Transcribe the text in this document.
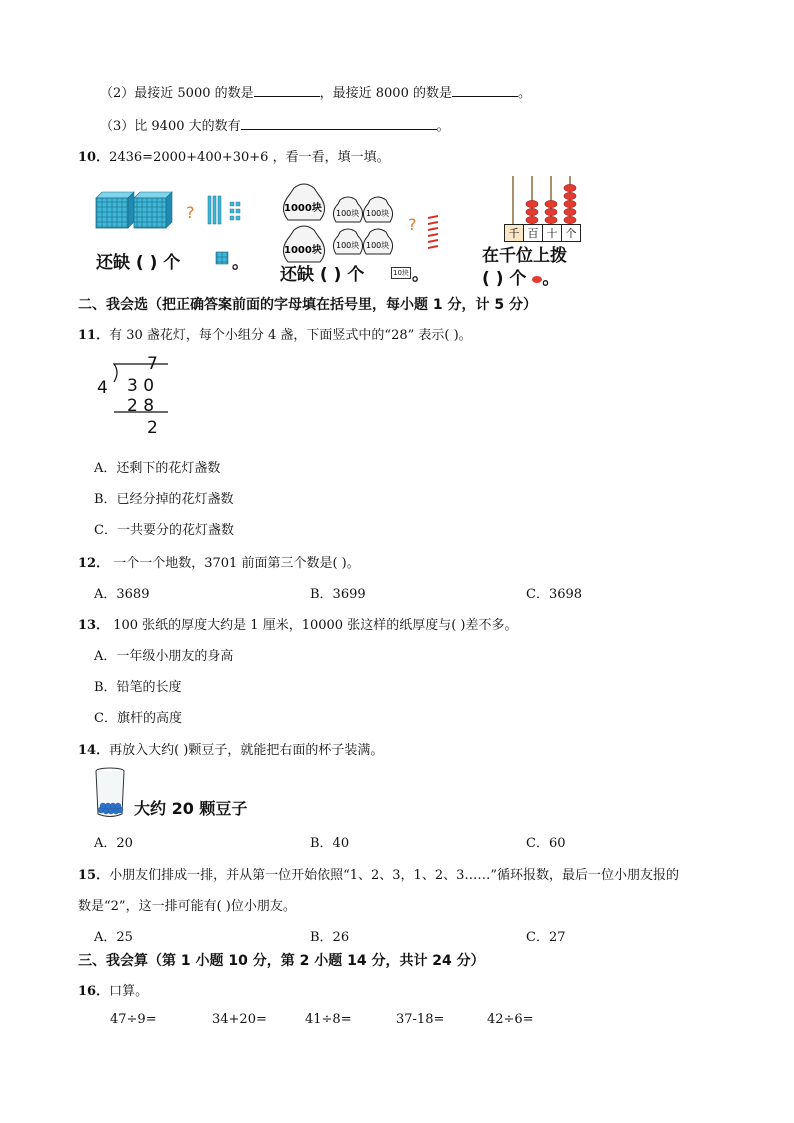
（2）最接近 5000 的数是	，最接近 8000 的数是	。
（3）比 9400 大的数有	。
10．2436=2000+400+30+6 ，看一看，填一填。
?
还缺 ( ) 个	。
1000块
1000块
100块 100块
100块 100块
?
还缺 ( ) 个	10块 。
千 百 十 个
在千位上拨
( ) 个 。
二、我会选（把正确答案前面的字母填在括号里，每小题 1 分，计 5 分）
11．有 30 盏花灯，每个小组分 4 盏，下面竖式中的“28” 表示( )。
7
4 3 0
2 8
2
A．还剩下的花灯盏数
B．已经分掉的花灯盏数
C．一共要分的花灯盏数
12． 一个一个地数，3701 前面第三个数是( )。
A．3689	B．3699	C．3698
13． 100 张纸的厚度大约是 1 厘米，10000 张这样的纸厚度与( )差不多。
A．一年级小朋友的身高
B．铅笔的长度
C．旗杆的高度
14．再放入大约( )颗豆子，就能把右面的杯子装满。
大约 20 颗豆子
A．20	B．40	C．60
15．小朋友们排成一排，并从第一位开始依照“1、2、3，1、2、3……”循环报数，最后一位小朋友报的
数是“2”，这一排可能有( )位小朋友。
A．25	B．26	C．27
三、我会算（第 1 小题 10 分，第 2 小题 14 分，共计 24 分）
16．口算。
47÷9=	34+20=	41÷8=	37-18=	42÷6=
